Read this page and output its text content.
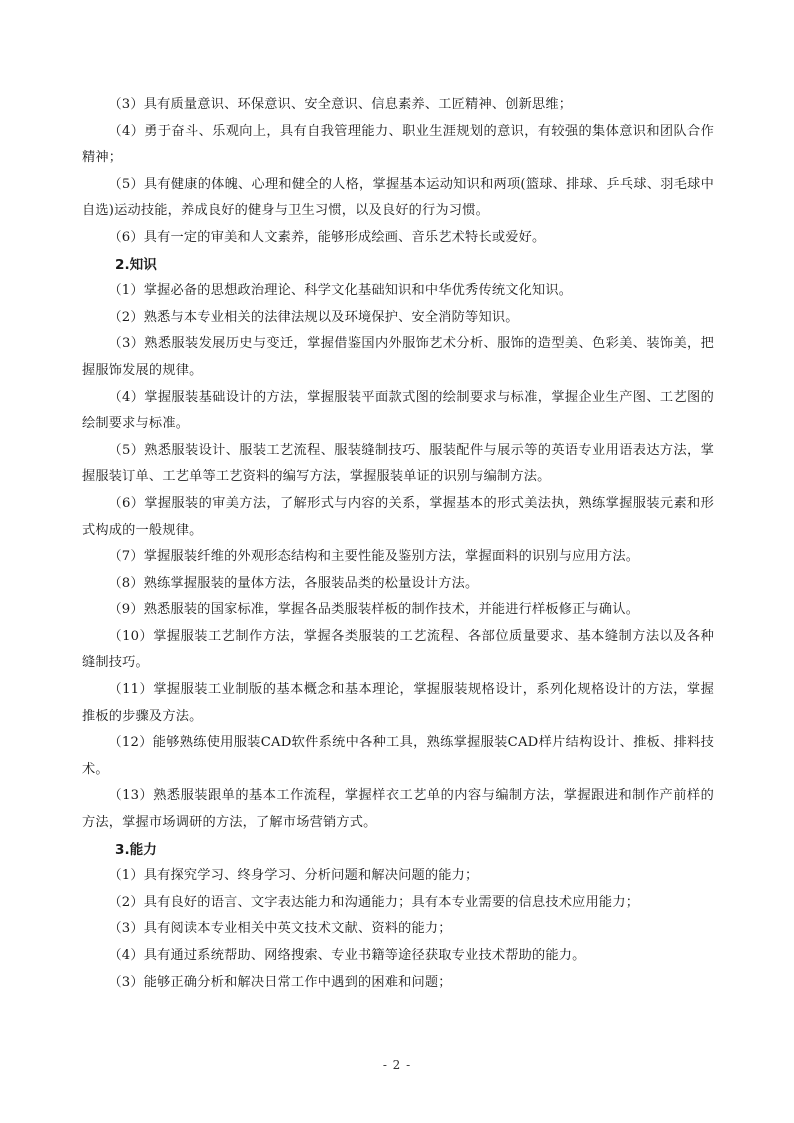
（3）具有质量意识、环保意识、安全意识、信息素养、工匠精神、创新思维；

（4）勇于奋斗、乐观向上，具有自我管理能力、职业生涯规划的意识，有较强的集体意识和团队合作精神；

（5）具有健康的体魄、心理和健全的人格，掌握基本运动知识和两项(篮球、排球、乒乓球、羽毛球中自选)运动技能，养成良好的健身与卫生习惯，以及良好的行为习惯。

（6）具有一定的审美和人文素养，能够形成绘画、音乐艺术特长或爱好。

2.知识

（1）掌握必备的思想政治理论、科学文化基础知识和中华优秀传统文化知识。

（2）熟悉与本专业相关的法律法规以及环境保护、安全消防等知识。

（3）熟悉服装发展历史与变迁，掌握借鉴国内外服饰艺术分析、服饰的造型美、色彩美、装饰美，把握服饰发展的规律。

（4）掌握服装基础设计的方法，掌握服装平面款式图的绘制要求与标准，掌握企业生产图、工艺图的绘制要求与标准。

（5）熟悉服装设计、服装工艺流程、服装缝制技巧、服装配件与展示等的英语专业用语表达方法，掌握服装订单、工艺单等工艺资料的编写方法，掌握服装单证的识别与编制方法。

（6）掌握服装的审美方法，了解形式与内容的关系，掌握基本的形式美法执，熟练掌握服装元素和形式构成的一般规律。

（7）掌握服装纤维的外观形态结构和主要性能及鉴别方法，掌握面料的识别与应用方法。

（8）熟练掌握服装的量体方法，各服装品类的松量设计方法。

（9）熟悉服装的国家标准，掌握各品类服装样板的制作技术，并能进行样板修正与确认。

（10）掌握服装工艺制作方法，掌握各类服装的工艺流程、各部位质量要求、基本缝制方法以及各种缝制技巧。

（11）掌握服装工业制版的基本概念和基本理论，掌握服装规格设计，系列化规格设计的方法，掌握推板的步骤及方法。

（12）能够熟练使用服装CAD软件系统中各种工具，熟练掌握服装CAD样片结构设计、推板、排料技术。

（13）熟悉服装跟单的基本工作流程，掌握样衣工艺单的内容与编制方法，掌握跟进和制作产前样的方法，掌握市场调研的方法，了解市场营销方式。

3.能力

（1）具有探究学习、终身学习、分析问题和解决问题的能力；

（2）具有良好的语言、文字表达能力和沟通能力；具有本专业需要的信息技术应用能力；

（3）具有阅读本专业相关中英文技术文献、资料的能力；

（4）具有通过系统帮助、网络搜索、专业书籍等途径获取专业技术帮助的能力。

（3）能够正确分析和解决日常工作中遇到的困难和问题；

- 2 -
